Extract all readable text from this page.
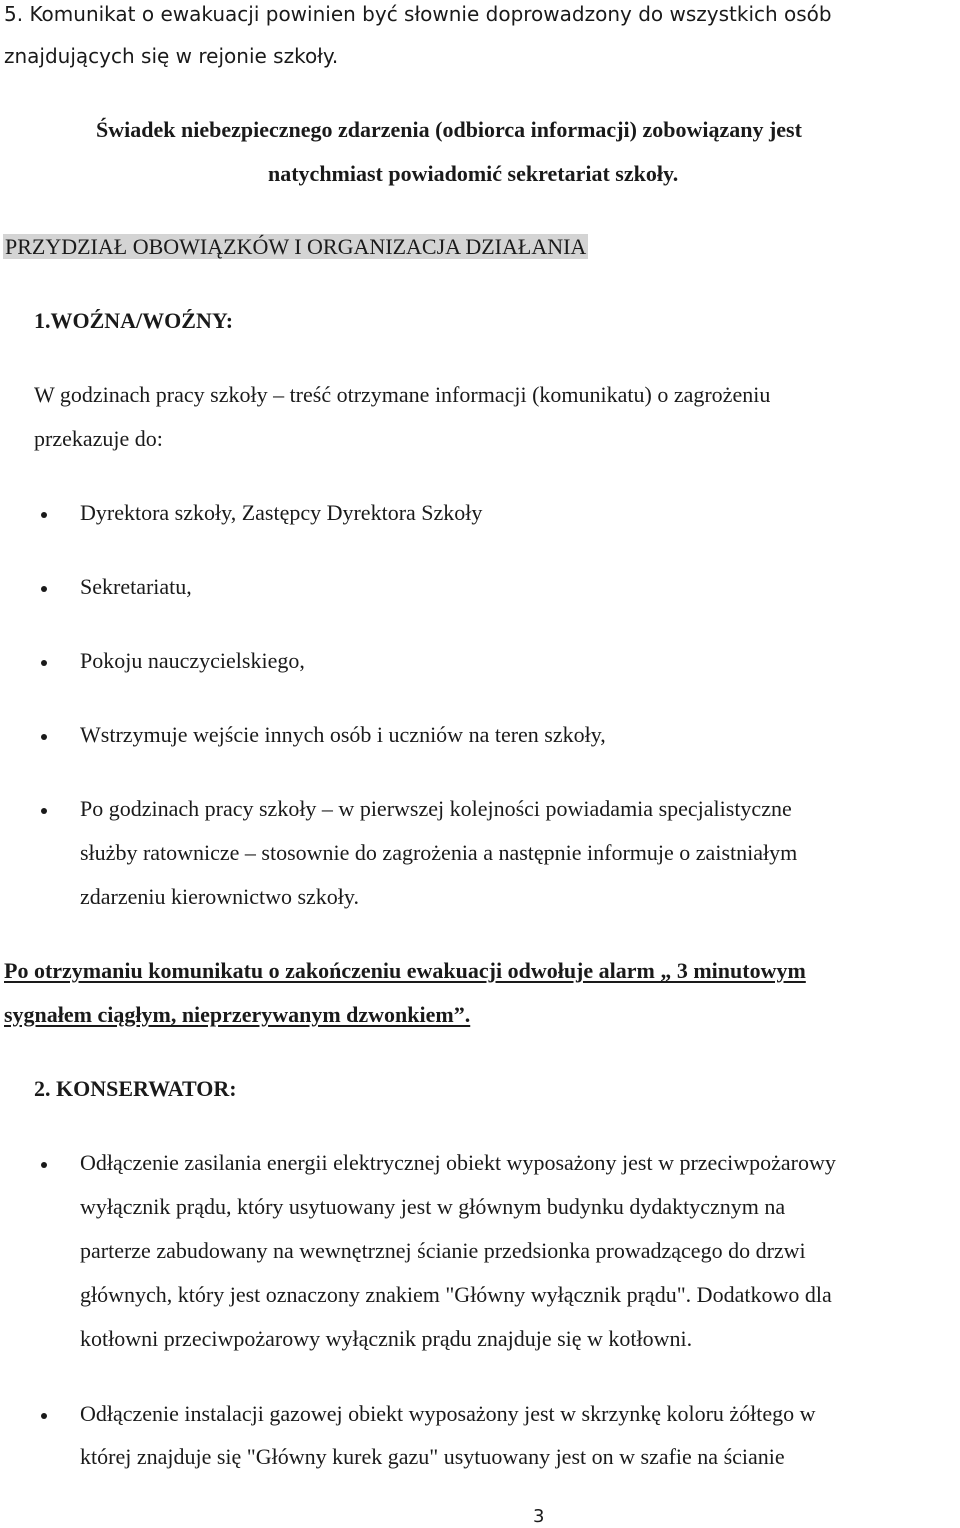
5. Komunikat o ewakuacji powinien być słownie doprowadzony do wszystkich osób
znajdujących się w rejonie szkoły.
Świadek niebezpiecznego zdarzenia (odbiorca informacji) zobowiązany jest
natychmiast powiadomić sekretariat szkoły.
PRZYDZIAŁ OBOWIĄZKÓW I ORGANIZACJA DZIAŁANIA
1.WOŹNA/WOŹNY:
W godzinach pracy szkoły – treść otrzymane informacji (komunikatu) o zagrożeniu
przekazuje do:
Dyrektora szkoły, Zastępcy Dyrektora Szkoły
Sekretariatu,
Pokoju nauczycielskiego,
Wstrzymuje wejście innych osób i uczniów na teren szkoły,
Po godzinach pracy szkoły – w pierwszej kolejności powiadamia specjalistyczne
służby ratownicze – stosownie do zagrożenia a następnie informuje o zaistniałym
zdarzeniu kierownictwo szkoły.
Po otrzymaniu komunikatu o zakończeniu ewakuacji odwołuje alarm „ 3 minutowym
sygnałem ciągłym, nieprzerywanym dzwonkiem”.
2. KONSERWATOR:
Odłączenie zasilania energii elektrycznej obiekt wyposażony jest w przeciwpożarowy
wyłącznik prądu, który usytuowany jest w głównym budynku dydaktycznym na
parterze zabudowany na wewnętrznej ścianie przedsionka prowadzącego do drzwi
głównych, który jest oznaczony znakiem "Główny wyłącznik prądu". Dodatkowo dla
kotłowni przeciwpożarowy wyłącznik prądu znajduje się w kotłowni.
Odłączenie instalacji gazowej obiekt wyposażony jest w skrzynkę koloru żółtego w
której znajduje się "Główny kurek gazu" usytuowany jest on w szafie na ścianie
3
